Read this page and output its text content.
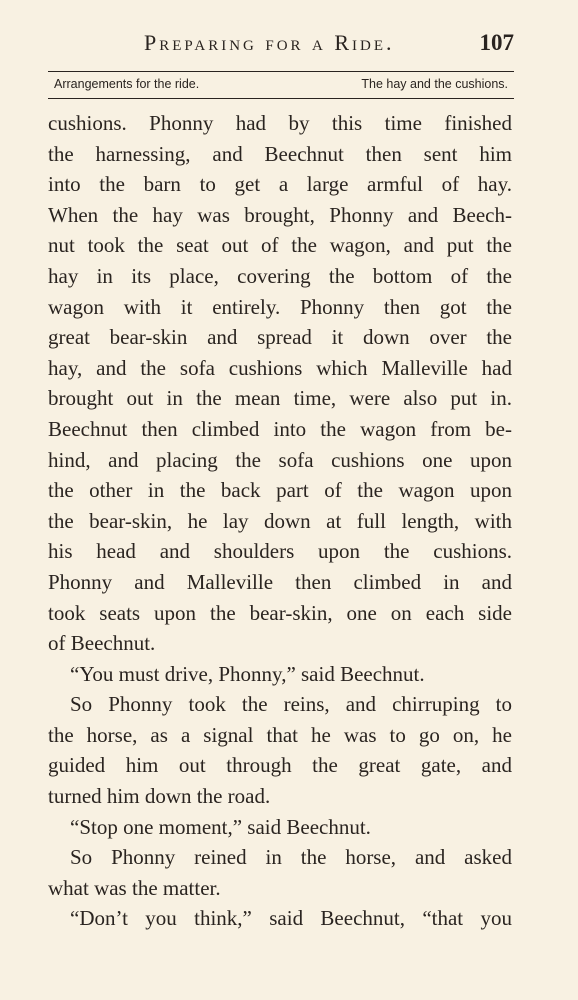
Preparing for a Ride.	107
Arrangements for the ride.	The hay and the cushions.
cushions. Phonny had by this time finished
the harnessing, and Beechnut then sent him
into the barn to get a large armful of hay.
When the hay was brought, Phonny and Beech-
nut took the seat out of the wagon, and put the
hay in its place, covering the bottom of the
wagon with it entirely. Phonny then got the
great bear-skin and spread it down over the
hay, and the sofa cushions which Malleville had
brought out in the mean time, were also put in.
Beechnut then climbed into the wagon from be-
hind, and placing the sofa cushions one upon
the other in the back part of the wagon upon
the bear-skin, he lay down at full length, with
his head and shoulders upon the cushions.
Phonny and Malleville then climbed in and
took seats upon the bear-skin, one on each side
of Beechnut.
“You must drive, Phonny,” said Beechnut.
So Phonny took the reins, and chirruping to
the horse, as a signal that he was to go on, he
guided him out through the great gate, and
turned him down the road.
“Stop one moment,” said Beechnut.
So Phonny reined in the horse, and asked
what was the matter.
“Don’t you think,” said Beechnut, “that you
